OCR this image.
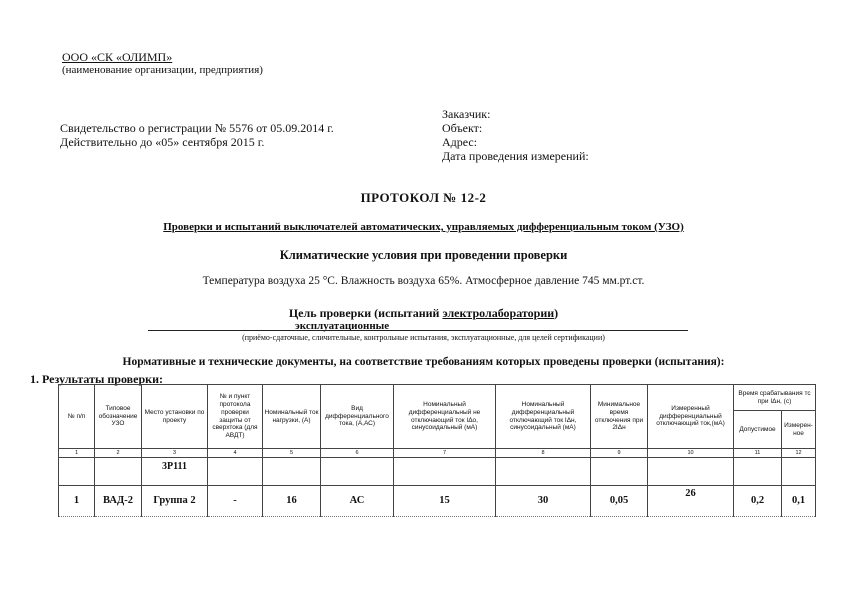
ООО «СК «ОЛИМП»
(наименование организации, предприятия)
Свидетельство о регистрации № 5576 от 05.09.2014 г.
Действительно до «05» сентября 2015 г.
Заказчик:
Объект:
Адрес:
Дата проведения измерений:
ПРОТОКОЛ № 12-2
Проверки и испытаний выключателей автоматических, управляемых дифференциальным током (УЗО)
Климатические условия при проведении проверки
Температура воздуха 25 °С. Влажность воздуха 65%. Атмосферное давление 745 мм.рт.ст.
Цель проверки (испытаний электролаборатории)
эксплуатационные
(приёмо-сдаточные, сличительные, контрольные испытания, эксплуатационные, для целей сертификации)
Нормативные и технические документы, на соответствие требованиям которых проведены проверки (испытания):
1. Результаты проверки:
№ п/п	Типовое обозначение УЗО	Место установки по проекту	№ и пункт протокола проверки защиты от сверхтока (для АВДТ)	Номинальный ток нагрузки, (А)	Вид дифференциального тока, (А,АС)	Номинальный дифференциальный не отключающий ток IΔо, синусоидальный (мА)	Номинальный дифференциальный отключающий ток IΔн, синусоидальный (мА)	Минимальное время отключения при 2IΔн	Измеренный дифференциальный отключающий ток,(мА)	Время срабатывания тс при IΔн, (с)	
										Допустимое	Измерен-ное
1	2	3	4	5	6	7	8	9	10	11	12
		3Р111									
1	ВАД-2	Группа 2	-	16	АС	15	30	0,05	26	0,2	0,1
